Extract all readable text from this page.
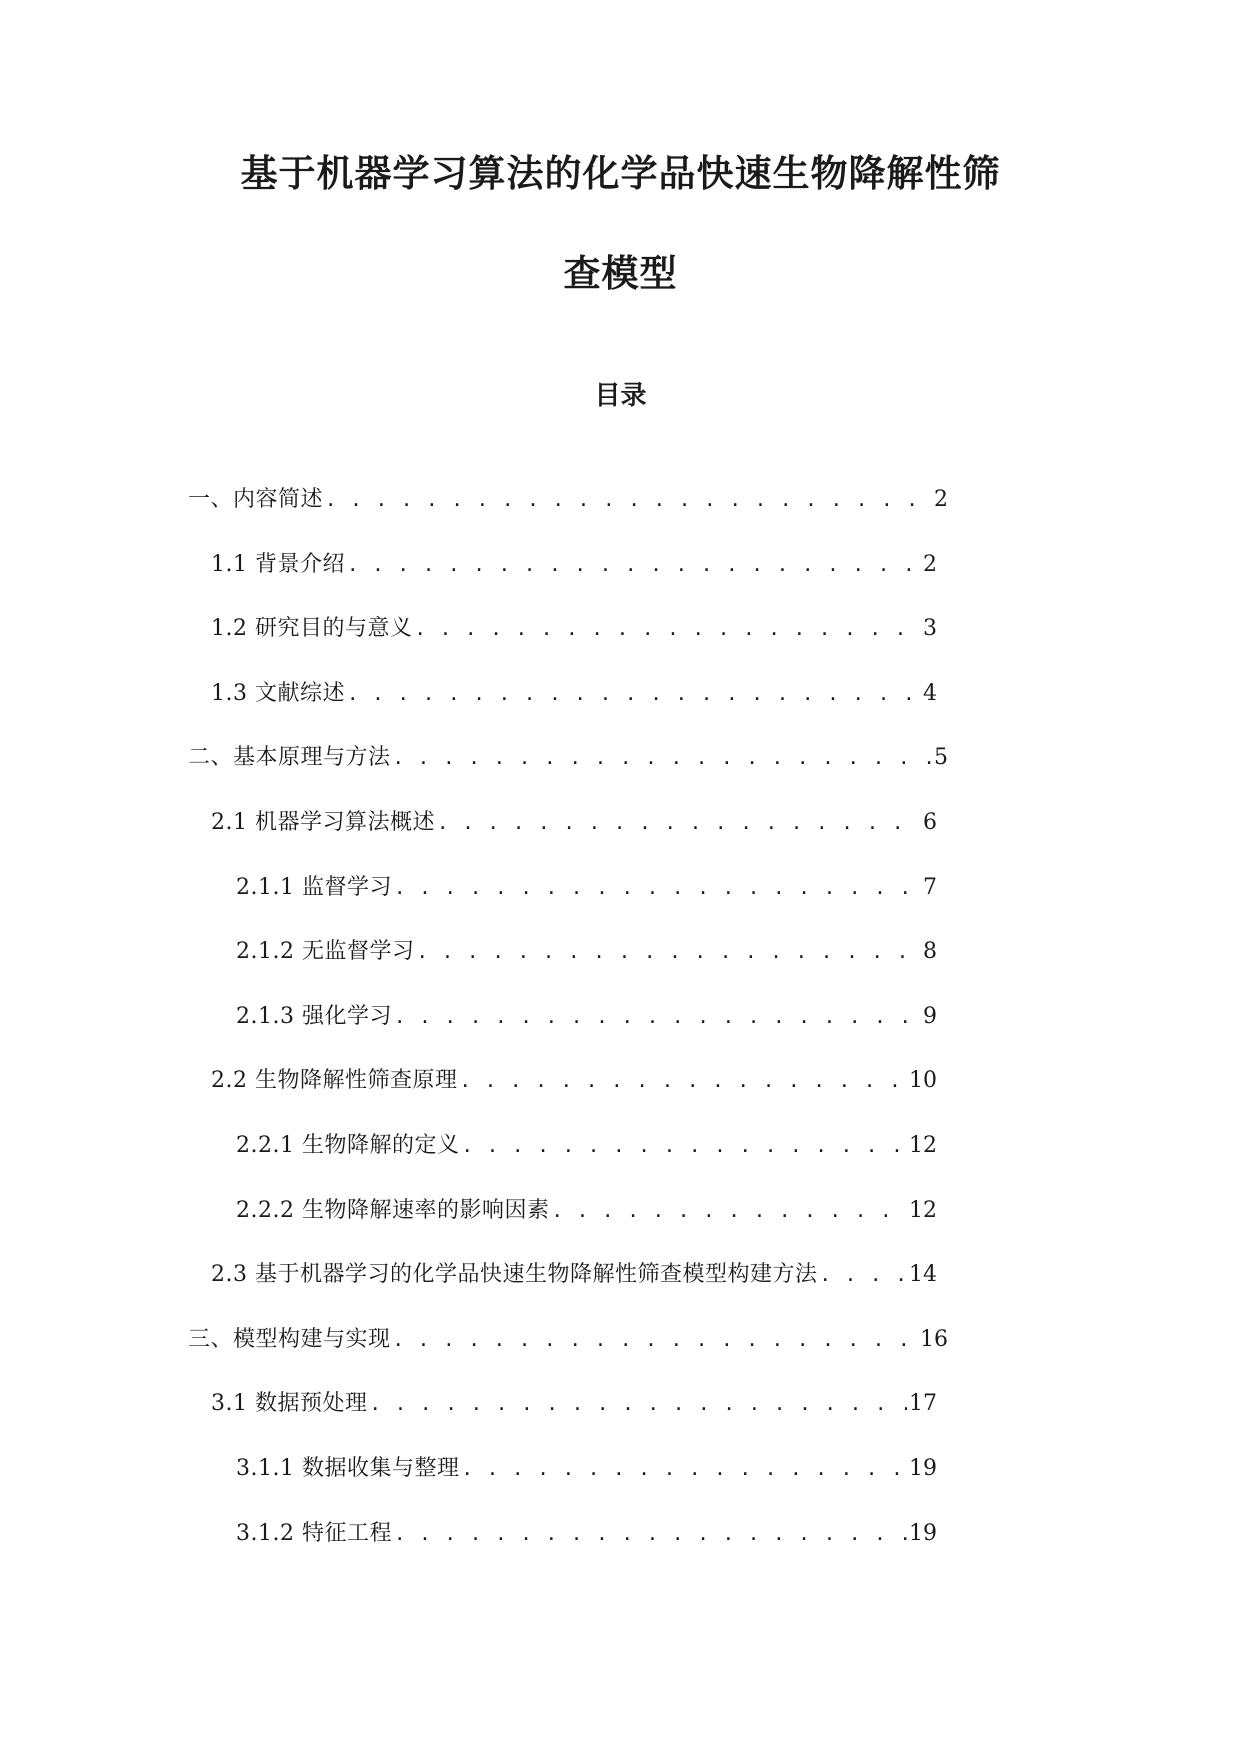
基于机器学习算法的化学品快速生物降解性筛
查模型
目录
一、内容简述 . . .	2
1.1 背景介绍 . . .	2
1.2 研究目的与意义 . . .	3
1.3 文献综述 . . .	4
二、基本原理与方法 . . .	5
2.1 机器学习算法概述 . . .	6
2.1.1 监督学习 . . .	7
2.1.2 无监督学习 . . .	8
2.1.3 强化学习 . . .	9
2.2 生物降解性筛查原理 . . .	10
2.2.1 生物降解的定义 . . .	12
2.2.2 生物降解速率的影响因素 . . .	12
2.3 基于机器学习的化学品快速生物降解性筛查模型构建方法 . . .	14
三、模型构建与实现 . . .	16
3.1 数据预处理 . . .	17
3.1.1 数据收集与整理 . . .	19
3.1.2 特征工程 . . .	19
